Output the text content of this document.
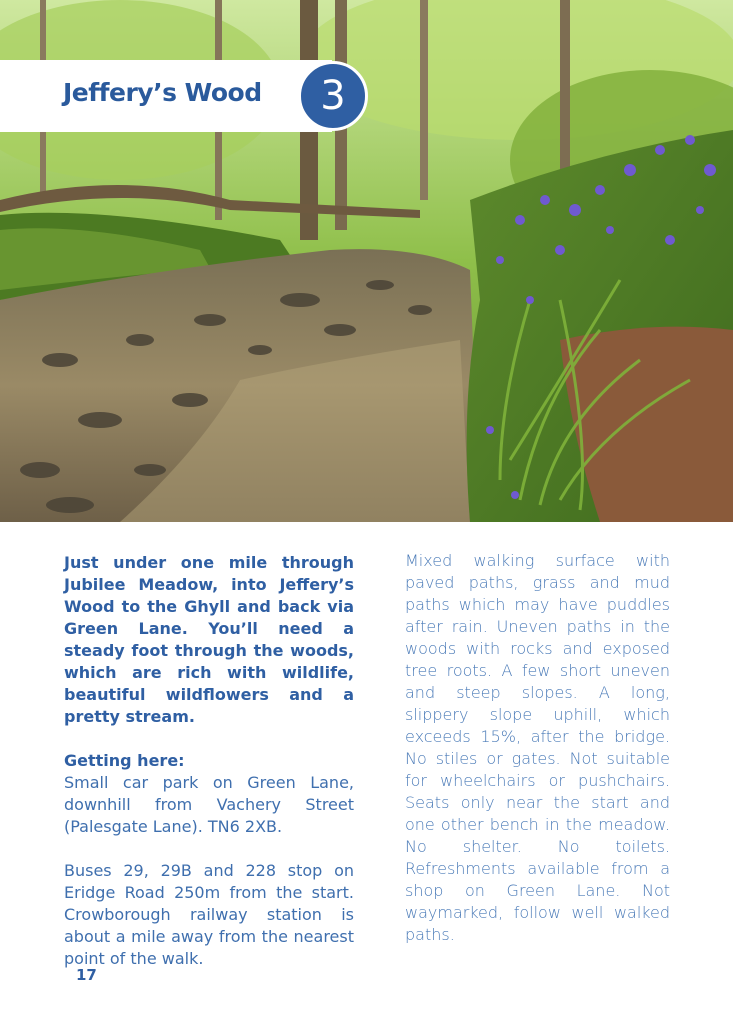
Jeffery’s Wood	3

Just under one mile through Jubilee Meadow, into Jeffery’s Wood to the Ghyll and back via Green Lane. You’ll need a steady foot through the woods, which are rich with wildlife, beautiful wildflowers and a pretty stream.

Getting here:

Small car park on Green Lane, downhill from Vachery Street (Palesgate Lane). TN6 2XB.

Buses 29, 29B and 228 stop on Eridge Road 250m from the start. Crowborough railway station is about a mile away from the nearest point of the walk.

Mixed walking surface with paved paths, grass and mud paths which may have puddles after rain. Uneven paths in the woods with rocks and exposed tree roots. A few short uneven and steep slopes. A long, slippery slope uphill, which exceeds 15%, after the bridge. No stiles or gates. Not suitable for wheelchairs or pushchairs. Seats only near the start and one other bench in the meadow. No shelter. No toilets. Refreshments available from a shop on Green Lane. Not waymarked, follow well walked paths.

17
